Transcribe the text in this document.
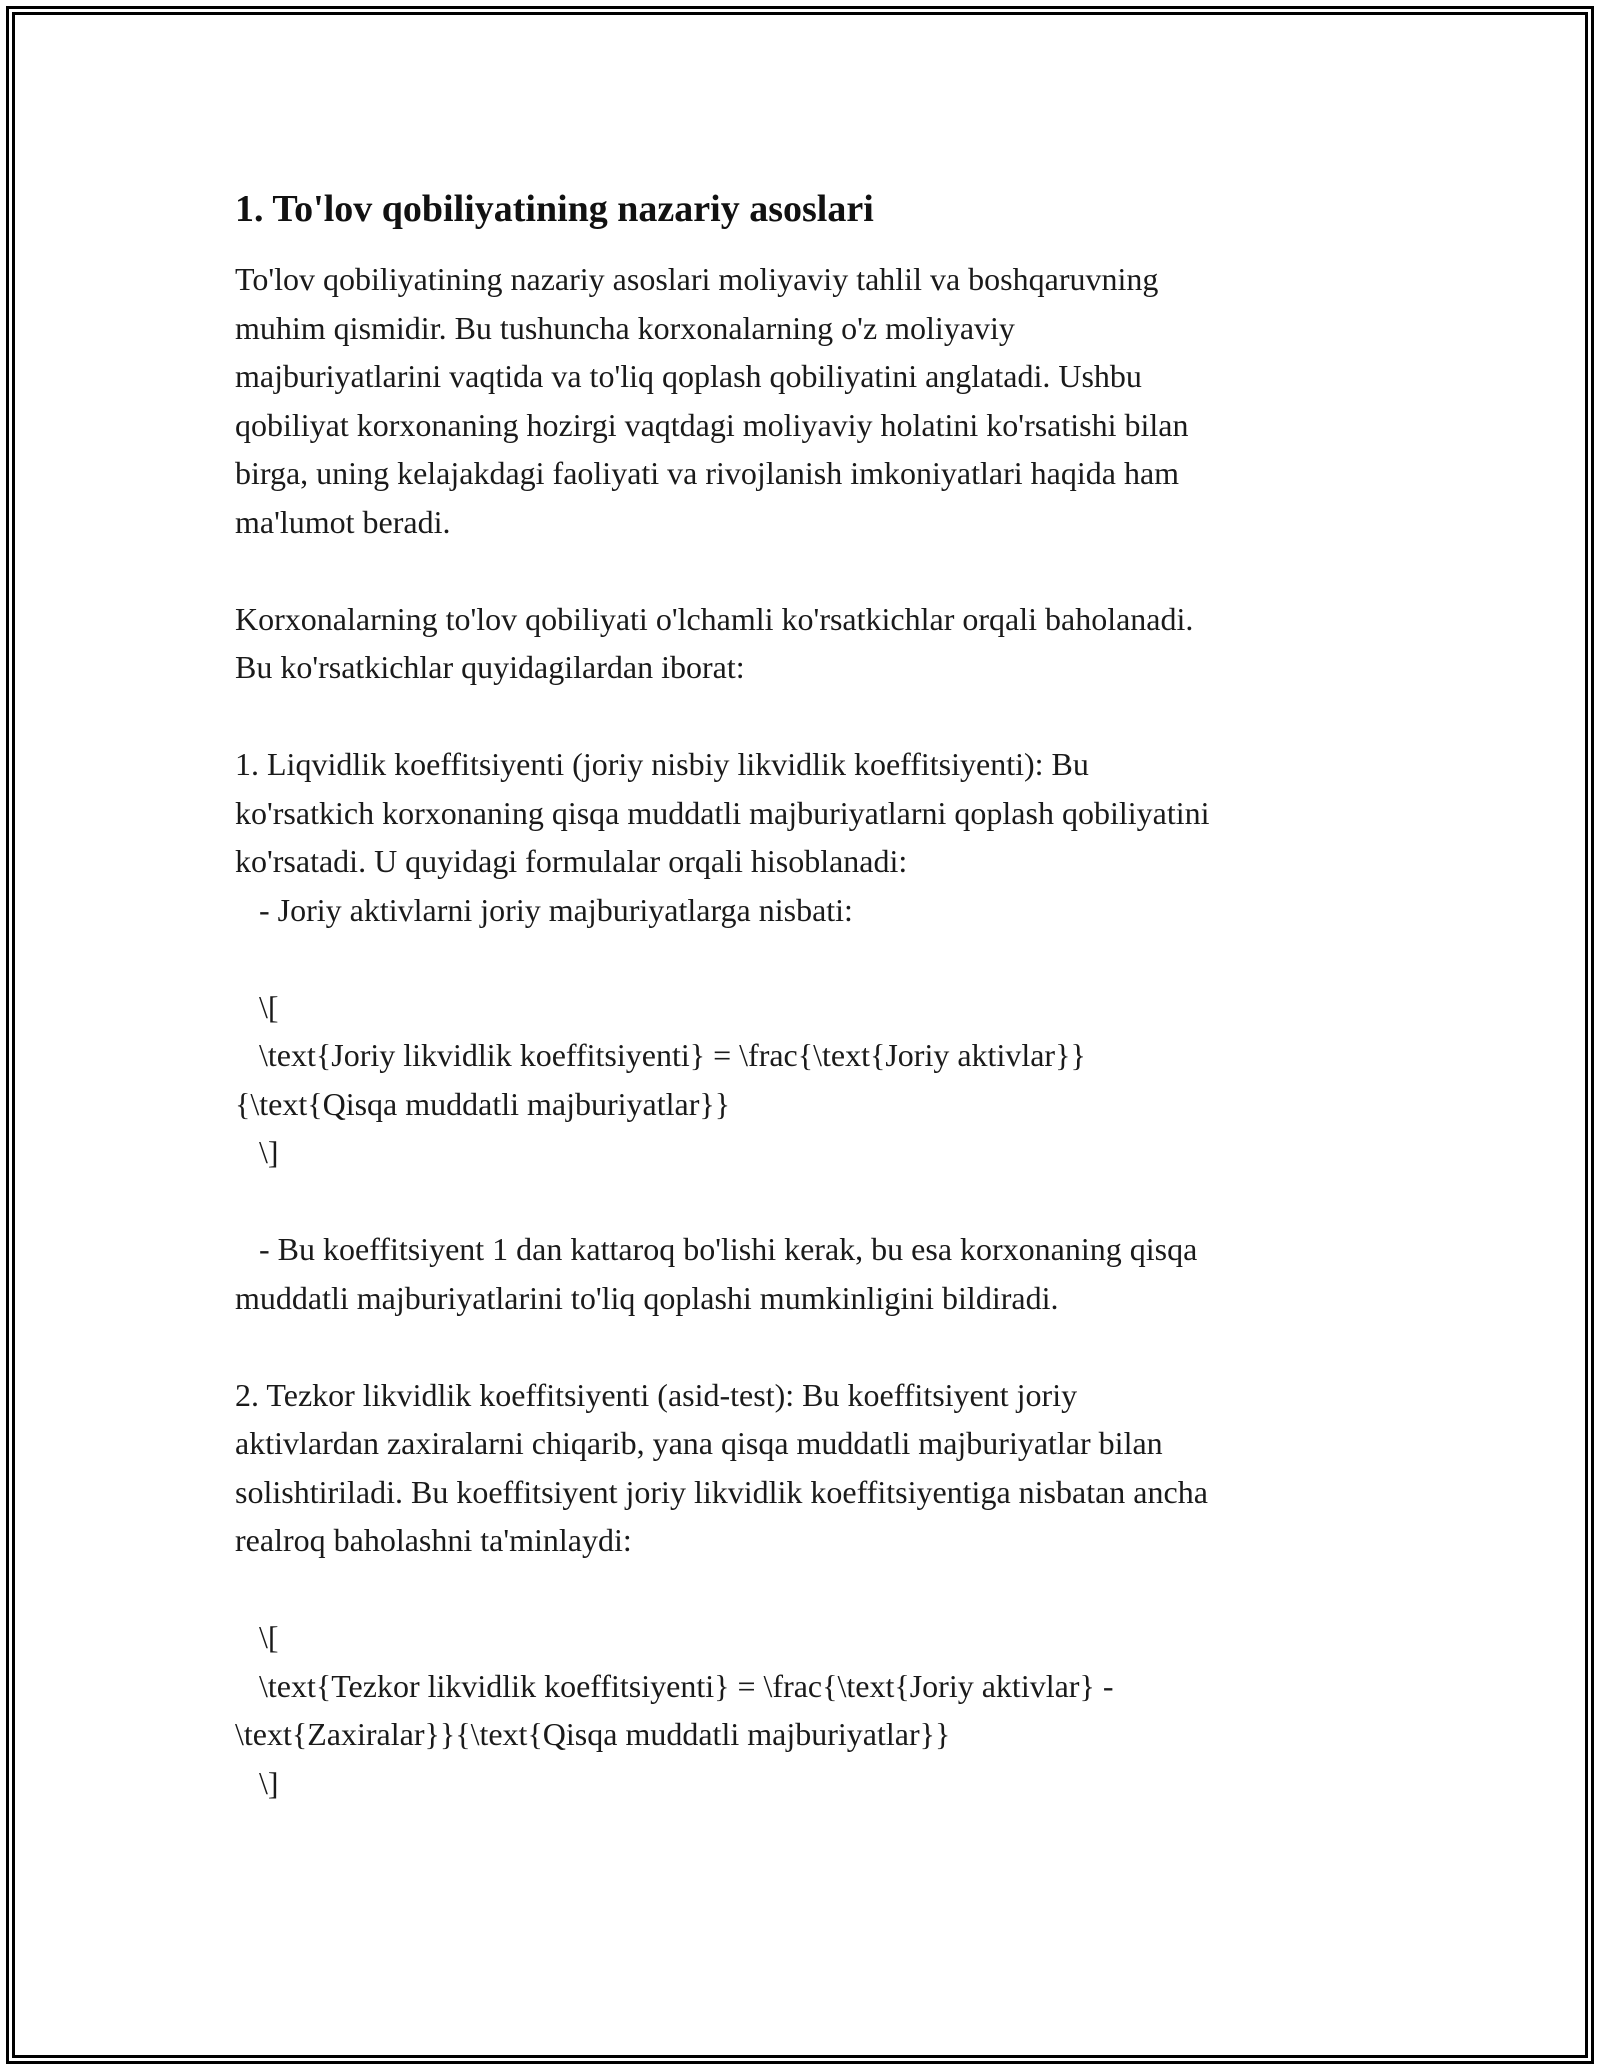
1. To'lov qobiliyatining nazariy asoslari

To'lov qobiliyatining nazariy asoslari moliyaviy tahlil va boshqaruvning
muhim qismidir. Bu tushuncha korxonalarning o'z moliyaviy
majburiyatlarini vaqtida va to'liq qoplash qobiliyatini anglatadi. Ushbu
qobiliyat korxonaning hozirgi vaqtdagi moliyaviy holatini ko'rsatishi bilan
birga, uning kelajakdagi faoliyati va rivojlanish imkoniyatlari haqida ham
ma'lumot beradi.

Korxonalarning to'lov qobiliyati o'lchamli ko'rsatkichlar orqali baholanadi.
Bu ko'rsatkichlar quyidagilardan iborat:

1. Liqvidlik koeffitsiyenti (joriy nisbiy likvidlik koeffitsiyenti): Bu
ko'rsatkich korxonaning qisqa muddatli majburiyatlarni qoplash qobiliyatini
ko'rsatadi. U quyidagi formulalar orqali hisoblanadi:
- Joriy aktivlarni joriy majburiyatlarga nisbati:

\[
\text{Joriy likvidlik koeffitsiyenti} = \frac{\text{Joriy aktivlar}}
{\text{Qisqa muddatli majburiyatlar}}
\]

- Bu koeffitsiyent 1 dan kattaroq bo'lishi kerak, bu esa korxonaning qisqa
muddatli majburiyatlarini to'liq qoplashi mumkinligini bildiradi.

2. Tezkor likvidlik koeffitsiyenti (asid-test): Bu koeffitsiyent joriy
aktivlardan zaxiralarni chiqarib, yana qisqa muddatli majburiyatlar bilan
solishtiriladi. Bu koeffitsiyent joriy likvidlik koeffitsiyentiga nisbatan ancha
realroq baholashni ta'minlaydi:

\[
\text{Tezkor likvidlik koeffitsiyenti} = \frac{\text{Joriy aktivlar} -
\text{Zaxiralar}}{\text{Qisqa muddatli majburiyatlar}}
\]
